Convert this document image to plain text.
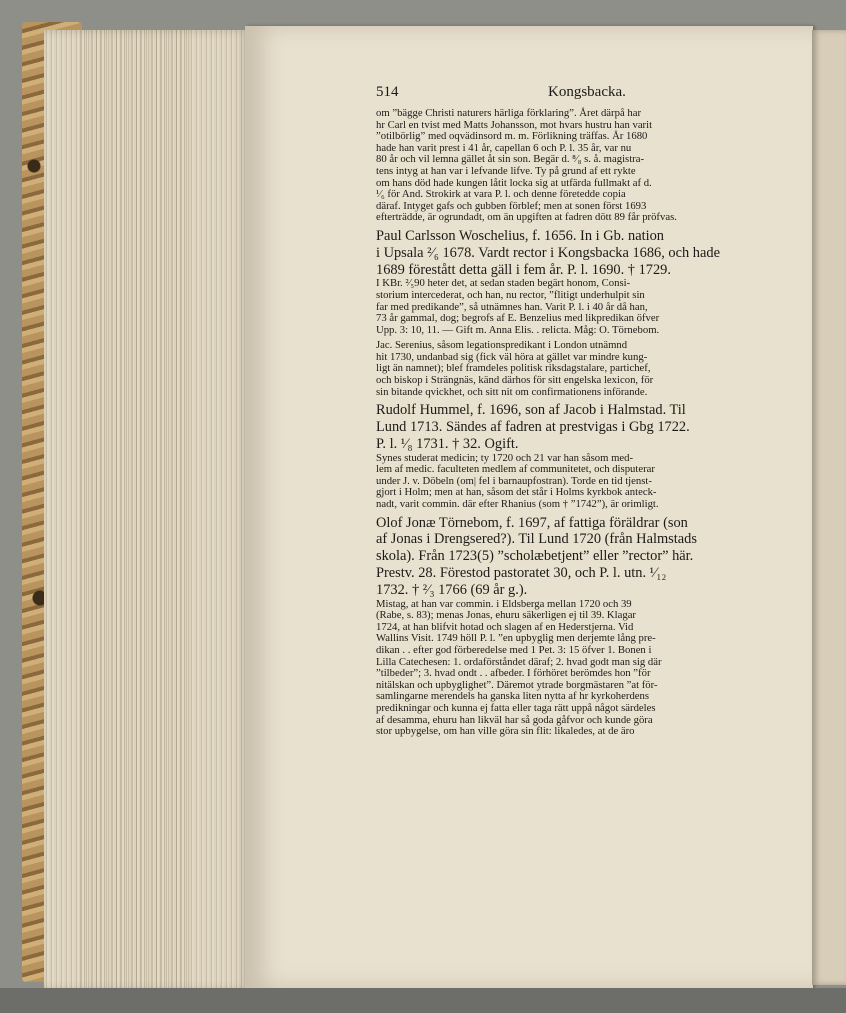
514	Kongsbacka.
om ”bägge Christi naturers härliga förklaring”. Året därpå har
hr Carl en tvist med Matts Johansson, mot hvars hustru han varit
”otilbörlig” med oqvädinsord m. m. Förlikning träffas. År 1680
hade han varit prest i 41 år, capellan 6 och P. l. 35 år, var nu
80 år och vil lemna gället åt sin son. Begär d. ⁸⁄₈ s. å. magistra-
tens intyg at han var i lefvande lifve. Ty på grund af ett rykte
om hans död hade kungen låtit locka sig at utfärda fullmakt af d.
¹⁄₆ för And. Strokirk at vara P. l. och denne företedde copia
däraf. Intyget gafs och gubben förblef; men at sonen först 1693
efterträdde, är ogrundadt, om än upgiften at fadren dött 89 får pröfvas.
Paul Carlsson Woschelius, f. 1656. In i Gb. nation
i Upsala ²⁄₆ 1678. Vardt rector i Kongsbacka 1686, och hade
1689 förestått detta gäll i fem år. P. l. 1690. † 1729.
I KBr. ²⁄₅90 heter det, at sedan staden begärt honom, Consi-
storium intercederat, och han, nu rector, ”flitigt underhulpit sin
far med predikande”, så utnämnes han. Varit P. l. i 40 år då han,
73 år gammal, dog; begrofs af E. Benzelius med likpredikan öfver
Upp. 3: 10, 11. — Gift m. Anna Elis. . relicta. Måg: O. Törnebom.
Jac. Serenius, såsom legationspredikant i London utnämnd
hit 1730, undanbad sig (fick väl höra at gället var mindre kung-
ligt än namnet); blef framdeles politisk riksdagstalare, partichef,
och biskop i Strängnäs, känd därhos för sitt engelska lexicon, för
sin bitande qvickhet, och sitt nit om confirmationens införande.
Rudolf Hummel, f. 1696, son af Jacob i Halmstad. Til
Lund 1713. Sändes af fadren at prestvigas i Gbg 1722.
P. l. ¹⁄₈ 1731. † 32. Ogift.
Synes studerat medicin; ty 1720 och 21 var han såsom med-
lem af medic. faculteten medlem af communitetet, och disputerar
under J. v. Döbeln (om| fel i barnaupfostran). Torde en tid tjenst-
gjort i Holm; men at han, såsom det står i Holms kyrkbok anteck-
nadt, varit commin. där efter Rhanius (som † ”1742”), är orimligt.
Olof Jonæ Törnebom, f. 1697, af fattiga föräldrar (son
af Jonas i Drengsered?). Til Lund 1720 (från Halmstads
skola). Från 1723(5) ”scholæbetjent” eller ”rector” här.
Prestv. 28. Förestod pastoratet 30, och P. l. utn. ¹⁄₁₂
1732. † ²⁄₃ 1766 (69 år g.).
Mistag, at han var commin. i Eldsberga mellan 1720 och 39
(Rabe, s. 83); menas Jonas, ehuru säkerligen ej til 39. Klagar
1724, at han blifvit hotad och slagen af en Hederstjerna. Vid
Wallins Visit. 1749 höll P. l. ”en upbyglig men derjemte lång pre-
dikan . . efter god förberedelse med 1 Pet. 3: 15 öfver 1. Bonen i
Lilla Catechesen: 1. ordaförståndet däraf; 2. hvad godt man sig där
”tilbeder”; 3. hvad ondt . . afbeder. I förhöret berömdes hon ”för
nitälskan och upbyglighet”. Däremot ytrade borgmästaren ”at för-
samlingarne merendels ha ganska liten nytta af hr kyrkoherdens
predikningar och kunna ej fatta eller taga rätt uppå något särdeles
af desamma, ehuru han likväl har så goda gåfvor och kunde göra
stor upbygelse, om han ville göra sin flit: likaledes, at de äro
